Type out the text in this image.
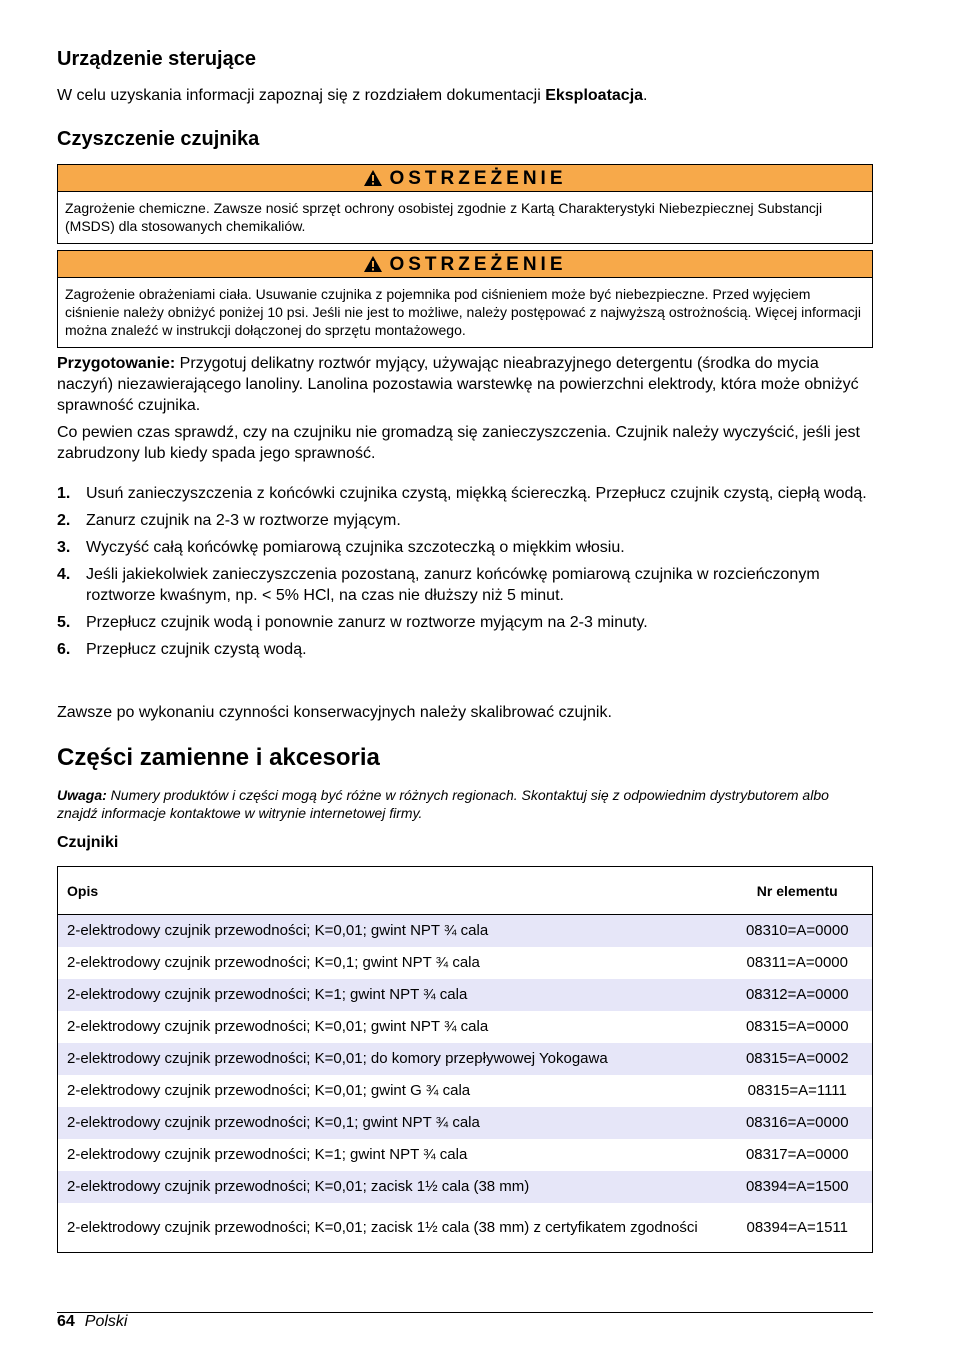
Urządzenie sterujące

W celu uzyskania informacji zapoznaj się z rozdziałem dokumentacji Eksploatacja.

Czyszczenie czujnika
OSTRZEŻENIE
Zagrożenie chemiczne. Zawsze nosić sprzęt ochrony osobistej zgodnie z Kartą Charakterystyki Niebezpiecznej Substancji (MSDS) dla stosowanych chemikaliów.
OSTRZEŻENIE
Zagrożenie obrażeniami ciała. Usuwanie czujnika z pojemnika pod ciśnieniem może być niebezpieczne. Przed wyjęciem ciśnienie należy obniżyć poniżej 10 psi. Jeśli nie jest to możliwe, należy postępować z najwyższą ostrożnością. Więcej informacji można znaleźć w instrukcji dołączonej do sprzętu montażowego.

Przygotowanie: Przygotuj delikatny roztwór myjący, używając nieabrazyjnego detergentu (środka do mycia naczyń) niezawierającego lanoliny. Lanolina pozostawia warstewkę na powierzchni elektrody, która może obniżyć sprawność czujnika.

Co pewien czas sprawdź, czy na czujniku nie gromadzą się zanieczyszczenia. Czujnik należy wyczyścić, jeśli jest zabrudzony lub kiedy spada jego sprawność.

1. Usuń zanieczyszczenia z końcówki czujnika czystą, miękką ściereczką. Przepłucz czujnik czystą, ciepłą wodą.
2. Zanurz czujnik na 2-3 w roztworze myjącym.
3. Wyczyść całą końcówkę pomiarową czujnika szczoteczką o miękkim włosiu.
4. Jeśli jakiekolwiek zanieczyszczenia pozostaną, zanurz końcówkę pomiarową czujnika w rozcieńczonym roztworze kwaśnym, np. < 5% HCl, na czas nie dłuższy niż 5 minut.
5. Przepłucz czujnik wodą i ponownie zanurz w roztworze myjącym na 2-3 minuty.
6. Przepłucz czujnik czystą wodą.

Zawsze po wykonaniu czynności konserwacyjnych należy skalibrować czujnik.

Części zamienne i akcesoria

Uwaga: Numery produktów i części mogą być różne w różnych regionach. Skontaktuj się z odpowiednim dystrybutorem albo znajdź informacje kontaktowe w witrynie internetowej firmy.

Czujniki
Opis	Nr elementu
2-elektrodowy czujnik przewodności; K=0,01; gwint NPT ¾ cala	08310=A=0000
2-elektrodowy czujnik przewodności; K=0,1; gwint NPT ¾ cala	08311=A=0000
2-elektrodowy czujnik przewodności; K=1; gwint NPT ¾ cala	08312=A=0000
2-elektrodowy czujnik przewodności; K=0,01; gwint NPT ¾ cala	08315=A=0000
2-elektrodowy czujnik przewodności; K=0,01; do komory przepływowej Yokogawa	08315=A=0002
2-elektrodowy czujnik przewodności; K=0,01; gwint G ¾ cala	08315=A=1111
2-elektrodowy czujnik przewodności; K=0,1; gwint NPT ¾ cala	08316=A=0000
2-elektrodowy czujnik przewodności; K=1; gwint NPT ¾ cala	08317=A=0000
2-elektrodowy czujnik przewodności; K=0,01; zacisk 1½ cala (38 mm)	08394=A=1500
2-elektrodowy czujnik przewodności; K=0,01; zacisk 1½ cala (38 mm) z certyfikatem zgodności	08394=A=1511
64 Polski
